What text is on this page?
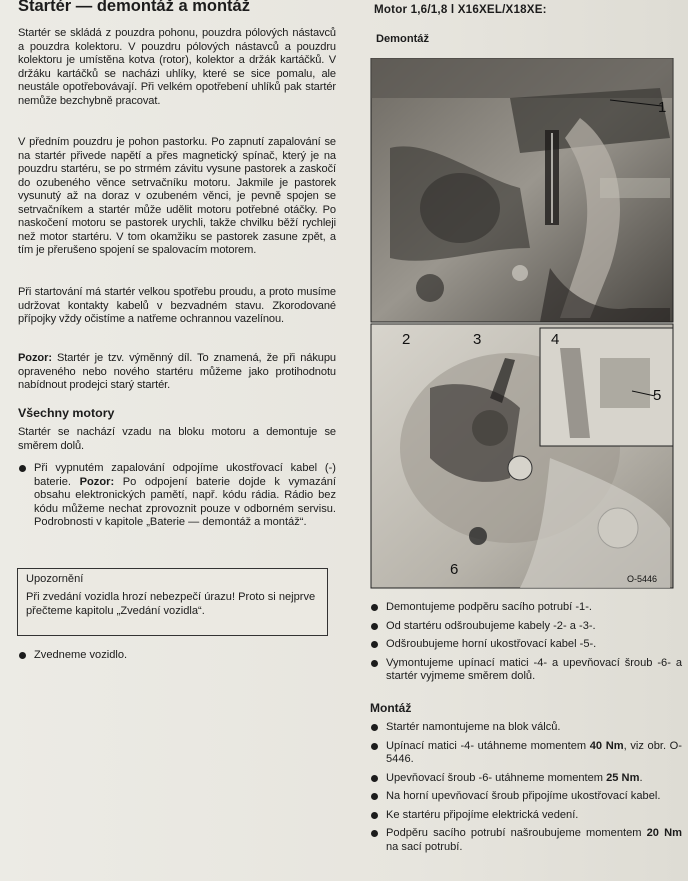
Startér — demontáž a montáž

Startér se skládá z pouzdra pohonu, pouzdra pólových nástavců a pouzdra kolektoru. V pouzdru pólových nástavců a pouzdru kolektoru je umístěna kotva (rotor), kolektor a držák kartáčků. V držáku kartáčků se nacházi uhlíky, které se sice pomalu, ale neustále opotřebovávají. Při velkém opotřebení uhlíků pak startér nemůže bezchybně pracovat.

V předním pouzdru je pohon pastorku. Po zapnutí zapalování se na startér přivede napětí a přes magnetický spínač, který je na pouzdru startéru, se po strmém závitu vysune pastorek a zaskočí do ozubeného věnce setrvačníku motoru. Jakmile je pastorek vysunutý až na doraz v ozubeném věnci, je pevně spojen se setrvačníkem a startér může udělit motoru potřebné otáčky. Po naskočení motoru se pastorek urychli, takže chvilku běží rychleji než motor startéru. V tom okamžiku se pastorek zasune zpět, a tím je přerušeno spojení se spalovacím motorem.

Při startování má startér velkou spotřebu proudu, a proto musíme udržovat kontakty kabelů v bezvadném stavu. Zkorodované přípojky vždy očistíme a natřeme ochrannou vazelínou.

Pozor: Startér je tzv. výměnný díl. To znamená, že při nákupu opraveného nebo nového startéru můžeme jako protihodnotu nabídnout prodejci starý startér.

Všechny motory

Startér se nachází vzadu na bloku motoru a demontuje se směrem dolů.

Při vypnutém zapalování odpojíme ukostřovací kabel (-) baterie. Pozor: Po odpojení baterie dojde k vymazání obsahu elektronických pamětí, např. kódu rádia. Rádio bez kódu můžeme nechat zprovoznit pouze v odborném servisu. Podrobnosti v kapitole „Baterie — demontáž a montáž“.
Upozornění
Při zvedání vozidla hrozí nebezpečí úrazu! Proto si nejprve přečteme kapitolu „Zvedání vozidla“.
Zvedneme vozidlo.
Motor 1,6/1,8 l X16XEL/X18XE:
Demontáž
1
2	3	4
5
6
O-5446
Demontujeme podpěru sacího potrubí -1-.
Od startéru odšroubujeme kabely -2- a -3-.
Odšroubujeme horní ukostřovací kabel -5-.
Vymontujeme upínací matici -4- a upevňovací šroub -6- a startér vyjmeme směrem dolů.
Montáž
Startér namontujeme na blok válců.
Upínací matici -4- utáhneme momentem 40 Nm, viz obr. O-5446.
Upevňovací šroub -6- utáhneme momentem 25 Nm.
Na horní upevňovací šroub připojíme ukostřovací kabel.
Ke startéru připojíme elektrická vedení.
Podpěru sacího potrubí našroubujeme momentem 20 Nm na sací potrubí.
